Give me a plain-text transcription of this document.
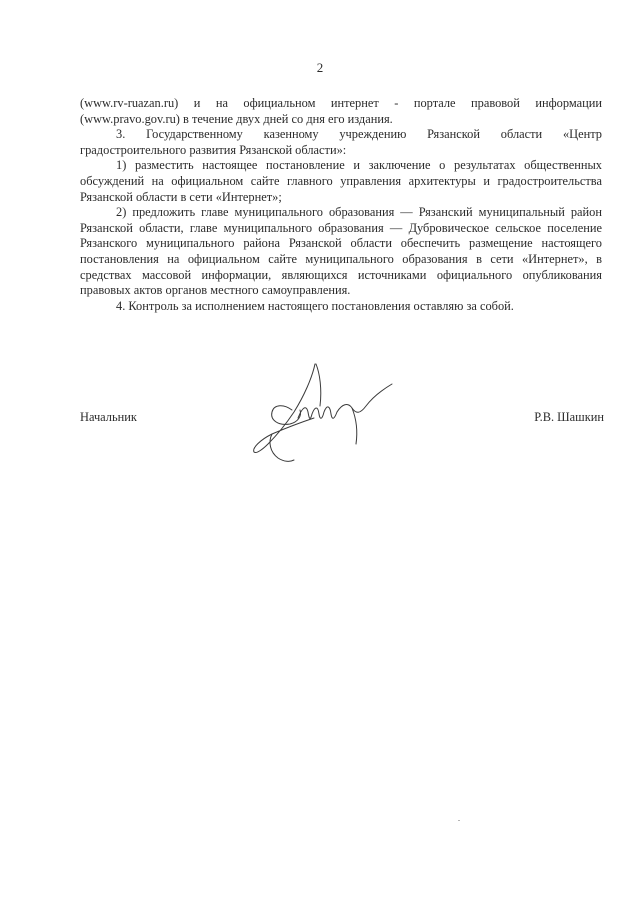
2

(www.rv-ruazan.ru) и на официальном интернет - портале правовой информации (www.pravo.gov.ru) в течение двух дней со дня его издания.

3. Государственному казенному учреждению Рязанской области «Центр градостроительного развития Рязанской области»:

1) разместить настоящее постановление и заключение о результатах общественных обсуждений на официальном сайте главного управления архитектуры и градостроительства Рязанской области в сети «Интернет»;

2) предложить главе муниципального образования — Рязанский муниципальный район Рязанской области, главе муниципального образования — Дубровическое сельское поселение Рязанского муниципального района Рязанской области обеспечить размещение настоящего постановления на официальном сайте муниципального образования в сети «Интернет», в средствах массовой информации, являющихся источниками официального опубликования правовых актов органов местного самоуправления.

4. Контроль за исполнением настоящего постановления оставляю за собой.

Начальник	Р.В. Шашкин
